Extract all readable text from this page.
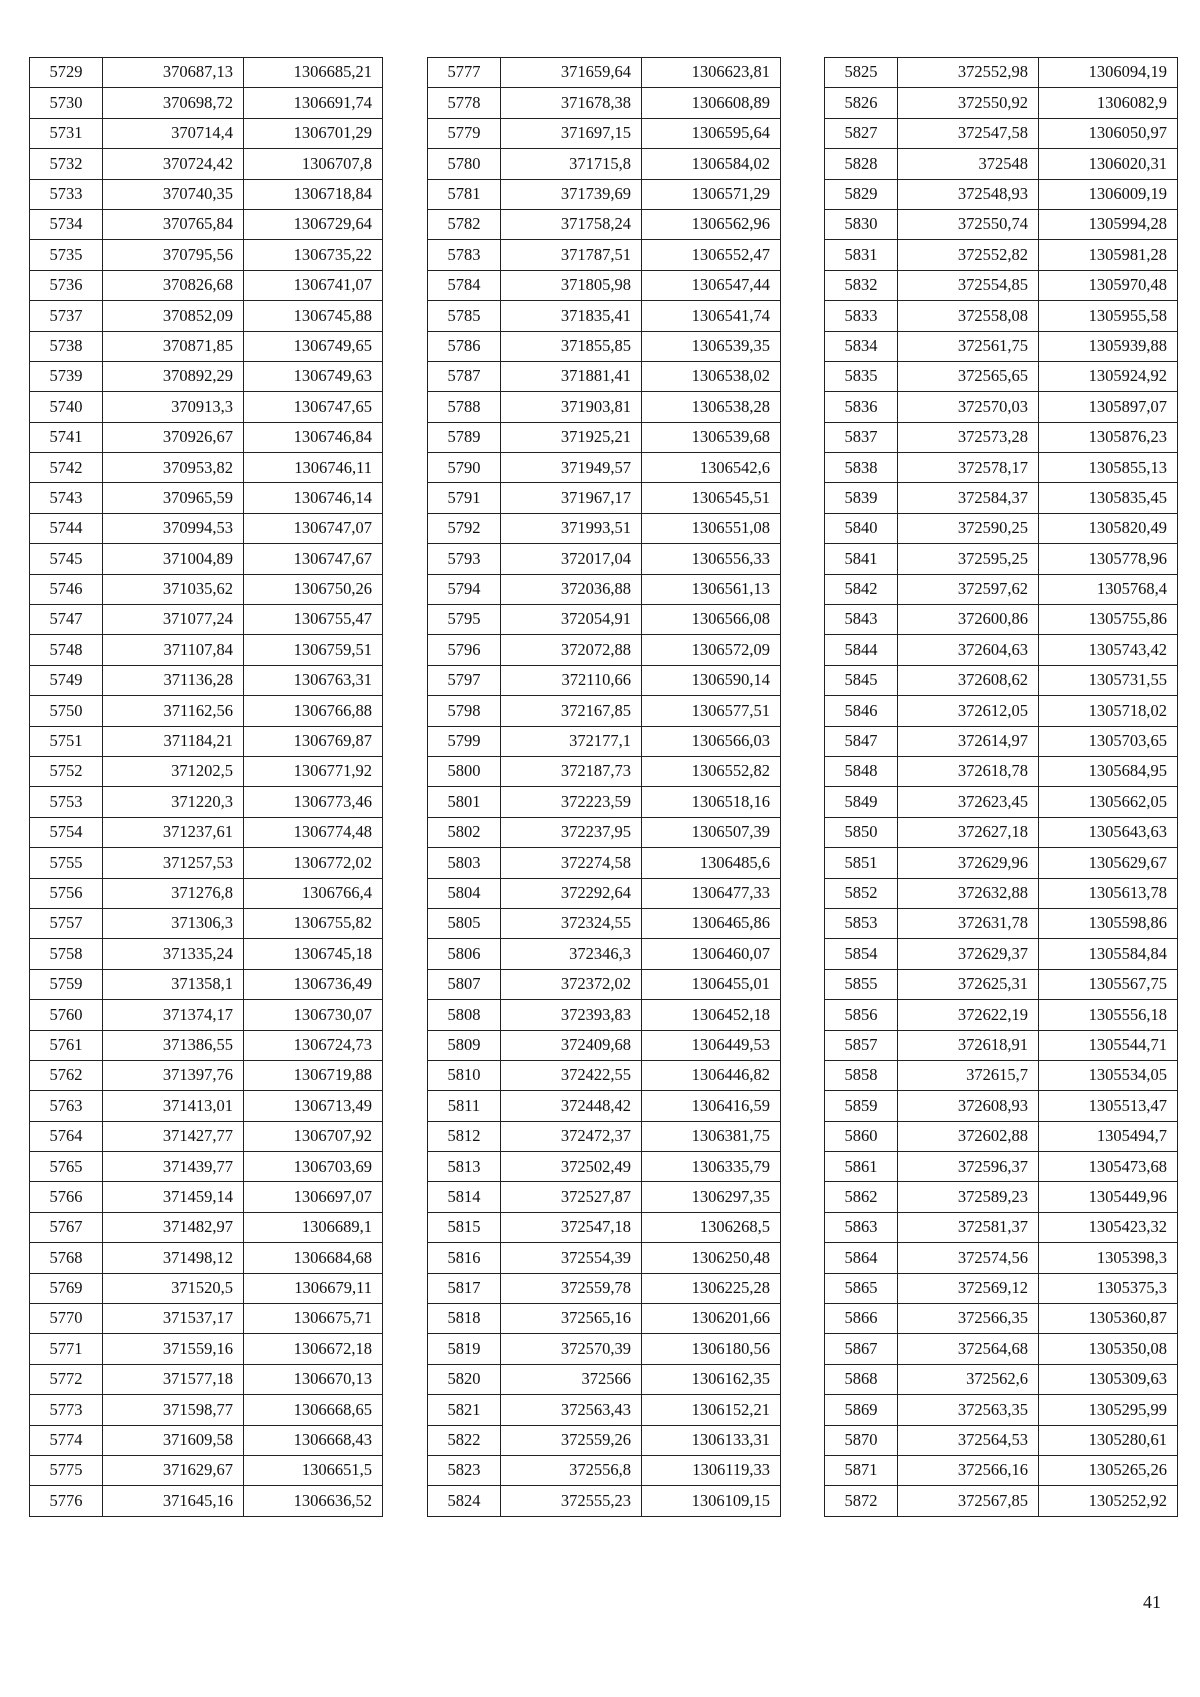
5729	370687,13	1306685,21
5730	370698,72	1306691,74
5731	370714,4	1306701,29
5732	370724,42	1306707,8
5733	370740,35	1306718,84
5734	370765,84	1306729,64
5735	370795,56	1306735,22
5736	370826,68	1306741,07
5737	370852,09	1306745,88
5738	370871,85	1306749,65
5739	370892,29	1306749,63
5740	370913,3	1306747,65
5741	370926,67	1306746,84
5742	370953,82	1306746,11
5743	370965,59	1306746,14
5744	370994,53	1306747,07
5745	371004,89	1306747,67
5746	371035,62	1306750,26
5747	371077,24	1306755,47
5748	371107,84	1306759,51
5749	371136,28	1306763,31
5750	371162,56	1306766,88
5751	371184,21	1306769,87
5752	371202,5	1306771,92
5753	371220,3	1306773,46
5754	371237,61	1306774,48
5755	371257,53	1306772,02
5756	371276,8	1306766,4
5757	371306,3	1306755,82
5758	371335,24	1306745,18
5759	371358,1	1306736,49
5760	371374,17	1306730,07
5761	371386,55	1306724,73
5762	371397,76	1306719,88
5763	371413,01	1306713,49
5764	371427,77	1306707,92
5765	371439,77	1306703,69
5766	371459,14	1306697,07
5767	371482,97	1306689,1
5768	371498,12	1306684,68
5769	371520,5	1306679,11
5770	371537,17	1306675,71
5771	371559,16	1306672,18
5772	371577,18	1306670,13
5773	371598,77	1306668,65
5774	371609,58	1306668,43
5775	371629,67	1306651,5
5776	371645,16	1306636,52
5777	371659,64	1306623,81
5778	371678,38	1306608,89
5779	371697,15	1306595,64
5780	371715,8	1306584,02
5781	371739,69	1306571,29
5782	371758,24	1306562,96
5783	371787,51	1306552,47
5784	371805,98	1306547,44
5785	371835,41	1306541,74
5786	371855,85	1306539,35
5787	371881,41	1306538,02
5788	371903,81	1306538,28
5789	371925,21	1306539,68
5790	371949,57	1306542,6
5791	371967,17	1306545,51
5792	371993,51	1306551,08
5793	372017,04	1306556,33
5794	372036,88	1306561,13
5795	372054,91	1306566,08
5796	372072,88	1306572,09
5797	372110,66	1306590,14
5798	372167,85	1306577,51
5799	372177,1	1306566,03
5800	372187,73	1306552,82
5801	372223,59	1306518,16
5802	372237,95	1306507,39
5803	372274,58	1306485,6
5804	372292,64	1306477,33
5805	372324,55	1306465,86
5806	372346,3	1306460,07
5807	372372,02	1306455,01
5808	372393,83	1306452,18
5809	372409,68	1306449,53
5810	372422,55	1306446,82
5811	372448,42	1306416,59
5812	372472,37	1306381,75
5813	372502,49	1306335,79
5814	372527,87	1306297,35
5815	372547,18	1306268,5
5816	372554,39	1306250,48
5817	372559,78	1306225,28
5818	372565,16	1306201,66
5819	372570,39	1306180,56
5820	372566	1306162,35
5821	372563,43	1306152,21
5822	372559,26	1306133,31
5823	372556,8	1306119,33
5824	372555,23	1306109,15
5825	372552,98	1306094,19
5826	372550,92	1306082,9
5827	372547,58	1306050,97
5828	372548	1306020,31
5829	372548,93	1306009,19
5830	372550,74	1305994,28
5831	372552,82	1305981,28
5832	372554,85	1305970,48
5833	372558,08	1305955,58
5834	372561,75	1305939,88
5835	372565,65	1305924,92
5836	372570,03	1305897,07
5837	372573,28	1305876,23
5838	372578,17	1305855,13
5839	372584,37	1305835,45
5840	372590,25	1305820,49
5841	372595,25	1305778,96
5842	372597,62	1305768,4
5843	372600,86	1305755,86
5844	372604,63	1305743,42
5845	372608,62	1305731,55
5846	372612,05	1305718,02
5847	372614,97	1305703,65
5848	372618,78	1305684,95
5849	372623,45	1305662,05
5850	372627,18	1305643,63
5851	372629,96	1305629,67
5852	372632,88	1305613,78
5853	372631,78	1305598,86
5854	372629,37	1305584,84
5855	372625,31	1305567,75
5856	372622,19	1305556,18
5857	372618,91	1305544,71
5858	372615,7	1305534,05
5859	372608,93	1305513,47
5860	372602,88	1305494,7
5861	372596,37	1305473,68
5862	372589,23	1305449,96
5863	372581,37	1305423,32
5864	372574,56	1305398,3
5865	372569,12	1305375,3
5866	372566,35	1305360,87
5867	372564,68	1305350,08
5868	372562,6	1305309,63
5869	372563,35	1305295,99
5870	372564,53	1305280,61
5871	372566,16	1305265,26
5872	372567,85	1305252,92
41
